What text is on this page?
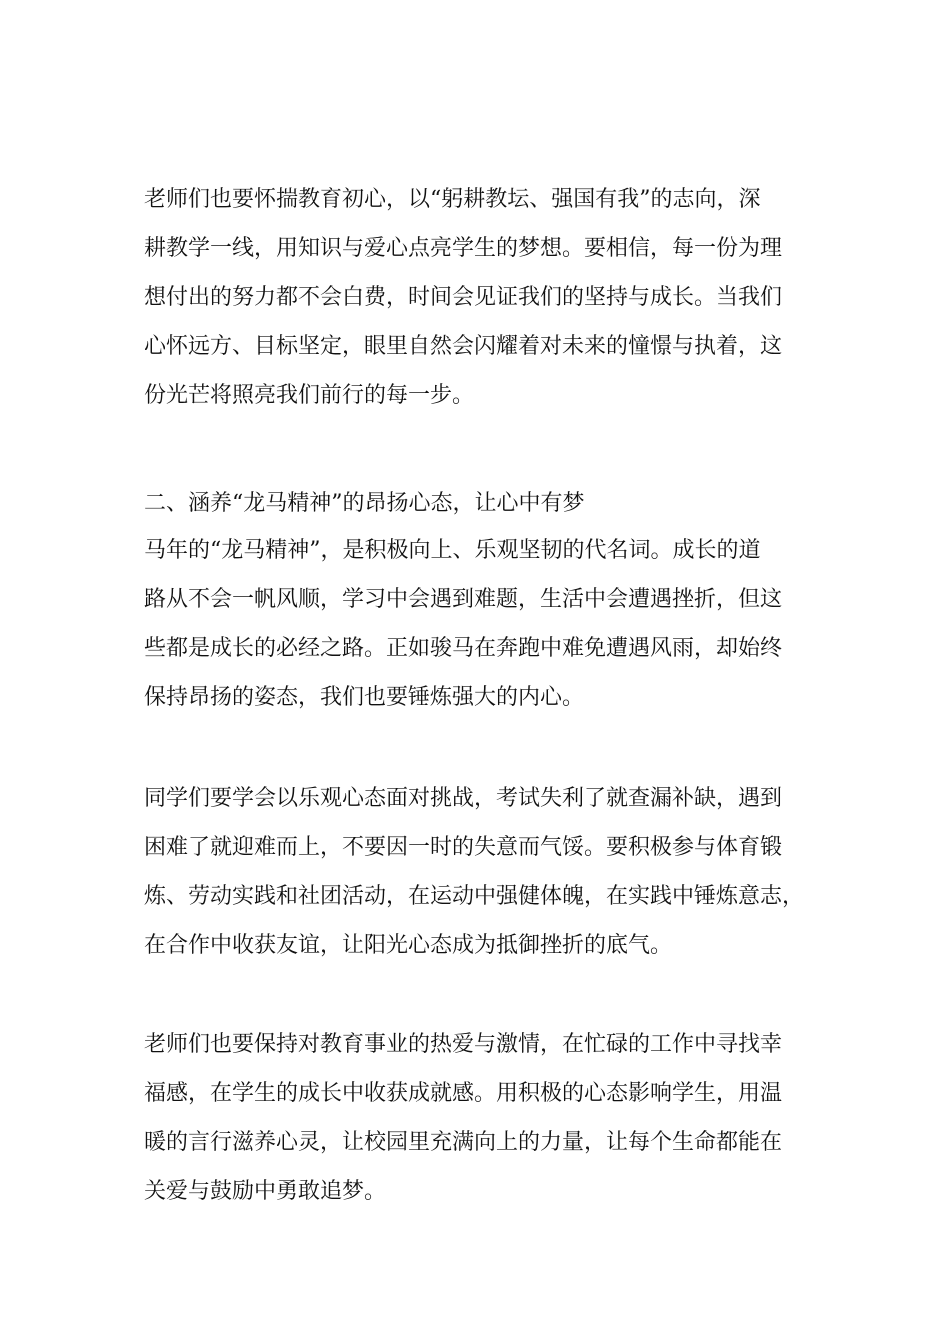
老师们也要怀揣教育初心，以“躬耕教坛、强国有我”的志向，深
耕教学一线，用知识与爱心点亮学生的梦想。要相信，每一份为理
想付出的努力都不会白费，时间会见证我们的坚持与成长。当我们
心怀远方、目标坚定，眼里自然会闪耀着对未来的憧憬与执着，这
份光芒将照亮我们前行的每一步。
二、涵养“龙马精神”的昂扬心态，让心中有梦
马年的“龙马精神”，是积极向上、乐观坚韧的代名词。成长的道
路从不会一帆风顺，学习中会遇到难题，生活中会遭遇挫折，但这
些都是成长的必经之路。正如骏马在奔跑中难免遭遇风雨，却始终
保持昂扬的姿态，我们也要锤炼强大的内心。
同学们要学会以乐观心态面对挑战，考试失利了就查漏补缺，遇到
困难了就迎难而上，不要因一时的失意而气馁。要积极参与体育锻
炼、劳动实践和社团活动，在运动中强健体魄，在实践中锤炼意志，
在合作中收获友谊，让阳光心态成为抵御挫折的底气。
老师们也要保持对教育事业的热爱与激情，在忙碌的工作中寻找幸
福感，在学生的成长中收获成就感。用积极的心态影响学生，用温
暖的言行滋养心灵，让校园里充满向上的力量，让每个生命都能在
关爱与鼓励中勇敢追梦。
